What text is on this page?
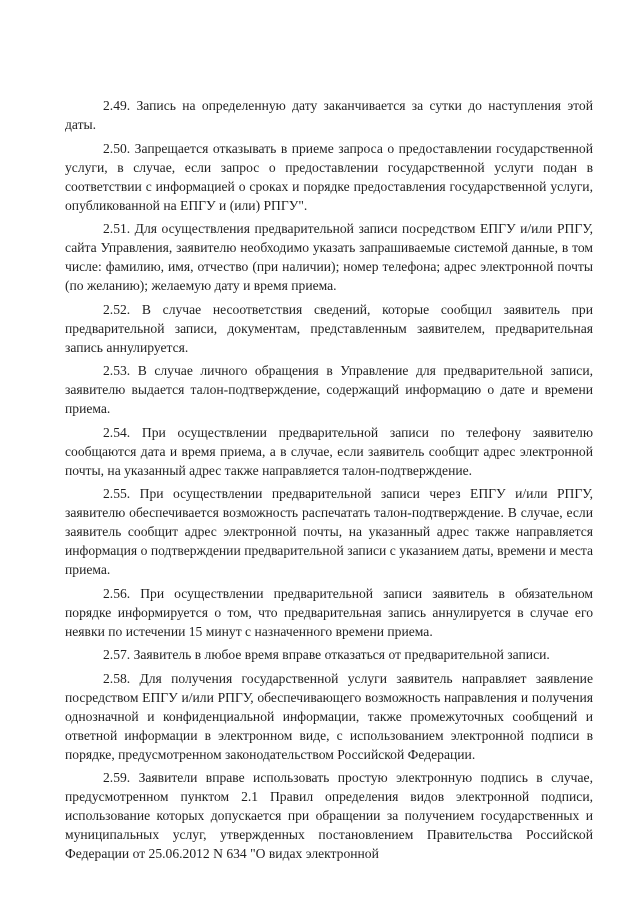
2.49. Запись на определенную дату заканчивается за сутки до наступления этой даты.

2.50. Запрещается отказывать в приеме запроса о предоставлении государственной услуги, в случае, если запрос о предоставлении государственной услуги подан в соответствии с информацией о сроках и порядке предоставления государственной услуги, опубликованной на ЕПГУ и (или) РПГУ".

2.51. Для осуществления предварительной записи посредством ЕПГУ и/или РПГУ, сайта Управления, заявителю необходимо указать запрашиваемые системой данные, в том числе: фамилию, имя, отчество (при наличии); номер телефона; адрес электронной почты (по желанию); желаемую дату и время приема.

2.52. В случае несоответствия сведений, которые сообщил заявитель при предварительной записи, документам, представленным заявителем, предварительная запись аннулируется.

2.53. В случае личного обращения в Управление для предварительной записи, заявителю выдается талон-подтверждение, содержащий информацию о дате и времени приема.

2.54. При осуществлении предварительной записи по телефону заявителю сообщаются дата и время приема, а в случае, если заявитель сообщит адрес электронной почты, на указанный адрес также направляется талон-подтверждение.

2.55. При осуществлении предварительной записи через ЕПГУ и/или РПГУ, заявителю обеспечивается возможность распечатать талон-подтверждение. В случае, если заявитель сообщит адрес электронной почты, на указанный адрес также направляется информация о подтверждении предварительной записи с указанием даты, времени и места приема.

2.56. При осуществлении предварительной записи заявитель в обязательном порядке информируется о том, что предварительная запись аннулируется в случае его неявки по истечении 15 минут с назначенного времени приема.

2.57. Заявитель в любое время вправе отказаться от предварительной записи.

2.58. Для получения государственной услуги заявитель направляет заявление посредством ЕПГУ и/или РПГУ, обеспечивающего возможность направления и получения однозначной и конфиденциальной информации, также промежуточных сообщений и ответной информации в электронном виде, с использованием электронной подписи в порядке, предусмотренном законодательством Российской Федерации.

2.59. Заявители вправе использовать простую электронную подпись в случае, предусмотренном пунктом 2.1 Правил определения видов электронной подписи, использование которых допускается при обращении за получением государственных и муниципальных услуг, утвержденных постановлением Правительства Российской Федерации от 25.06.2012 N 634 "О видах электронной
